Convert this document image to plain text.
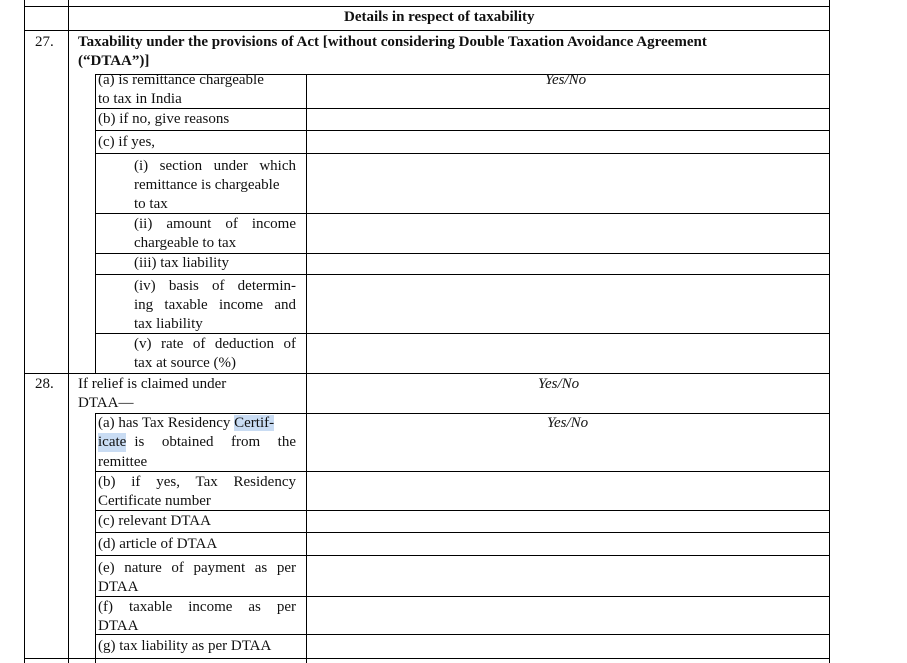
Details in respect of taxability
27. Taxability under the provisions of Act [without considering Double Taxation Avoidance Agreement
(“DTAA”)]
(a) is remittance chargeable
to tax in India
Yes/No
(b) if no, give reasons
(c) if yes,
(i) section under which
remittance is chargeable
to tax
(ii) amount of income
chargeable to tax
(iii) tax liability
(iv) basis of determin-
ing taxable income and
tax liability
(v) rate of deduction of
tax at source (%)
28. If relief is claimed under
DTAA—
Yes/No
(a) has Tax Residency Certif-
icate is obtained from the
remittee
Yes/No
(b) if yes, Tax Residency
Certificate number
(c) relevant DTAA
(d) article of DTAA
(e) nature of payment as per
DTAA
(f) taxable income as per
DTAA
(g) tax liability as per DTAA
